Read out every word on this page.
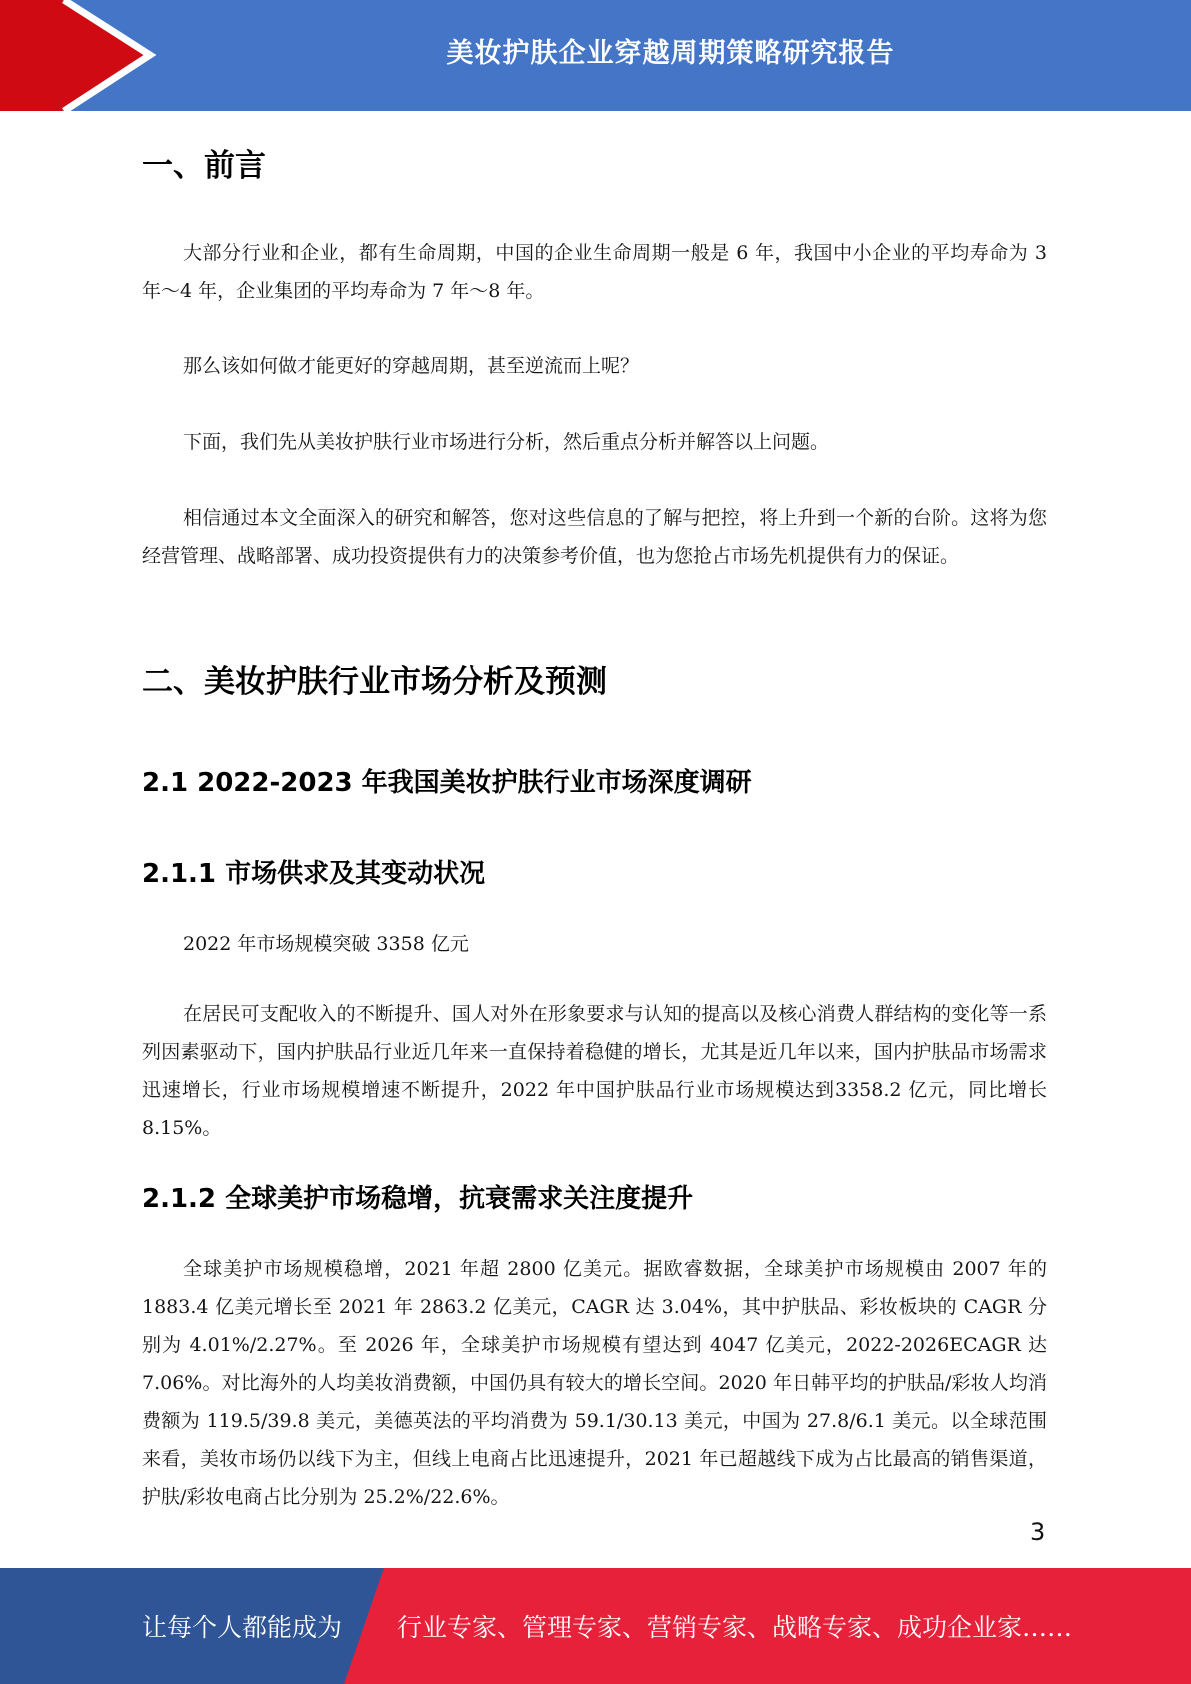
美妆护肤企业穿越周期策略研究报告
一、前言

大部分行业和企业，都有生命周期，中国的企业生命周期一般是 6 年，我国中小企业的平均寿命为 3 年～4 年，企业集团的平均寿命为 7 年～8 年。

那么该如何做才能更好的穿越周期，甚至逆流而上呢？

下面，我们先从美妆护肤行业市场进行分析，然后重点分析并解答以上问题。

相信通过本文全面深入的研究和解答，您对这些信息的了解与把控，将上升到一个新的台阶。这将为您经营管理、战略部署、成功投资提供有力的决策参考价值，也为您抢占市场先机提供有力的保证。

二、美妆护肤行业市场分析及预测
2.1 2022-2023 年我国美妆护肤行业市场深度调研
2.1.1 市场供求及其变动状况

2022 年市场规模突破 3358 亿元

在居民可支配收入的不断提升、国人对外在形象要求与认知的提高以及核心消费人群结构的变化等一系列因素驱动下，国内护肤品行业近几年来一直保持着稳健的增长，尤其是近几年以来，国内护肤品市场需求迅速增长，行业市场规模增速不断提升，2022 年中国护肤品行业市场规模达到3358.2 亿元，同比增长 8.15%。

2.1.2 全球美护市场稳增，抗衰需求关注度提升

全球美护市场规模稳增，2021 年超 2800 亿美元。据欧睿数据，全球美护市场规模由 2007 年的 1883.4 亿美元增长至 2021 年 2863.2 亿美元，CAGR 达 3.04%，其中护肤品、彩妆板块的 CAGR 分别为 4.01%/2.27%。至 2026 年，全球美护市场规模有望达到 4047 亿美元，2022-2026ECAGR 达7.06%。对比海外的人均美妆消费额，中国仍具有较大的增长空间。2020 年日韩平均的护肤品/彩妆人均消费额为 119.5/39.8 美元，美德英法的平均消费为 59.1/30.13 美元，中国为 27.8/6.1 美元。以全球范围来看，美妆市场仍以线下为主，但线上电商占比迅速提升，2021 年已超越线下成为占比最高的销售渠道，护肤/彩妆电商占比分别为 25.2%/22.6%。

3
让每个人都能成为 行业专家、管理专家、营销专家、战略专家、成功企业家……
